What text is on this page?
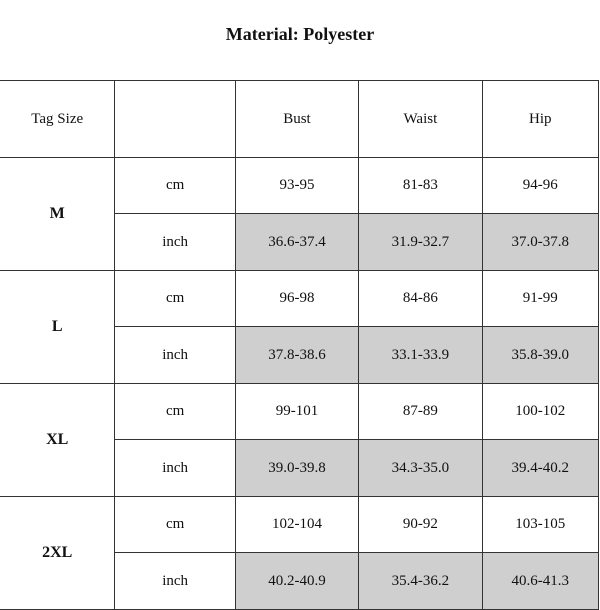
Material: Polyester
Tag Size		Bust	Waist	Hip
M	cm	93-95	81-83	94-96
	inch	36.6-37.4	31.9-32.7	37.0-37.8
L	cm	96-98	84-86	91-99
	inch	37.8-38.6	33.1-33.9	35.8-39.0
XL	cm	99-101	87-89	100-102
	inch	39.0-39.8	34.3-35.0	39.4-40.2
2XL	cm	102-104	90-92	103-105
	inch	40.2-40.9	35.4-36.2	40.6-41.3
